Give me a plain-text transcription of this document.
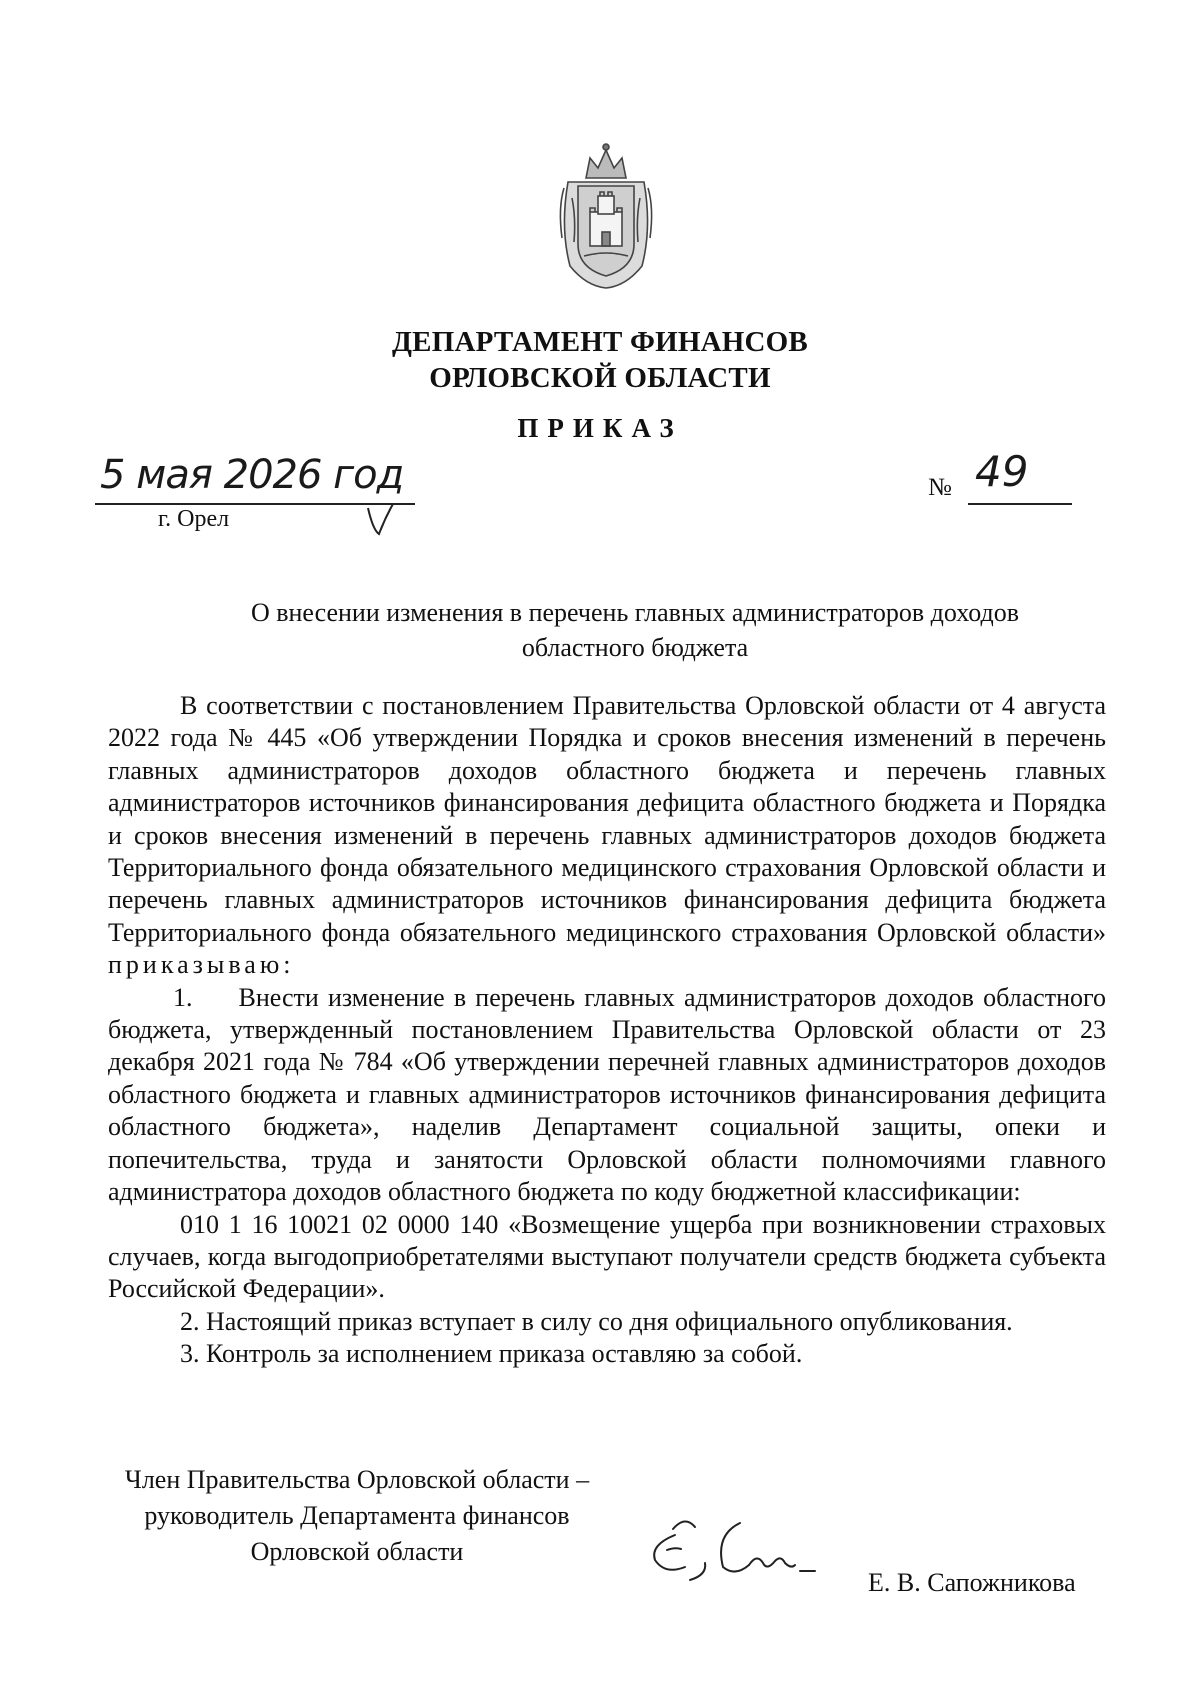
ДЕПАРТАМЕНТ ФИНАНСОВ
ОРЛОВСКОЙ ОБЛАСТИ
ПРИКАЗ
5 мая 2026 год
г. Орел
№ 49
О внесении изменения в перечень главных администраторов доходов
областного бюджета

В соответствии с постановлением Правительства Орловской области от 4 августа 2022 года № 445 «Об утверждении Порядка и сроков внесения изменений в перечень главных администраторов доходов областного бюджета и перечень главных администраторов источников финансирования дефицита областного бюджета и Порядка и сроков внесения изменений в перечень главных администраторов доходов бюджета Территориального фонда обязательного медицинского страхования Орловской области и перечень главных администраторов источников финансирования дефицита бюджета Территориального фонда обязательного медицинского страхования Орловской области» приказываю:

1. Внести изменение в перечень главных администраторов доходов областного бюджета, утвержденный постановлением Правительства Орловской области от 23 декабря 2021 года № 784 «Об утверждении перечней главных администраторов доходов областного бюджета и главных администраторов источников финансирования дефицита областного бюджета», наделив Департамент социальной защиты, опеки и попечительства, труда и занятости Орловской области полномочиями главного администратора доходов областного бюджета по коду бюджетной классификации:

010 1 16 10021 02 0000 140 «Возмещение ущерба при возникновении страховых случаев, когда выгодоприобретателями выступают получатели средств бюджета субъекта Российской Федерации».

2. Настоящий приказ вступает в силу со дня официального опубликования.

3. Контроль за исполнением приказа оставляю за собой.

Член Правительства Орловской области –
руководитель Департамента финансов
Орловской области
Е. В. Сапожникова
